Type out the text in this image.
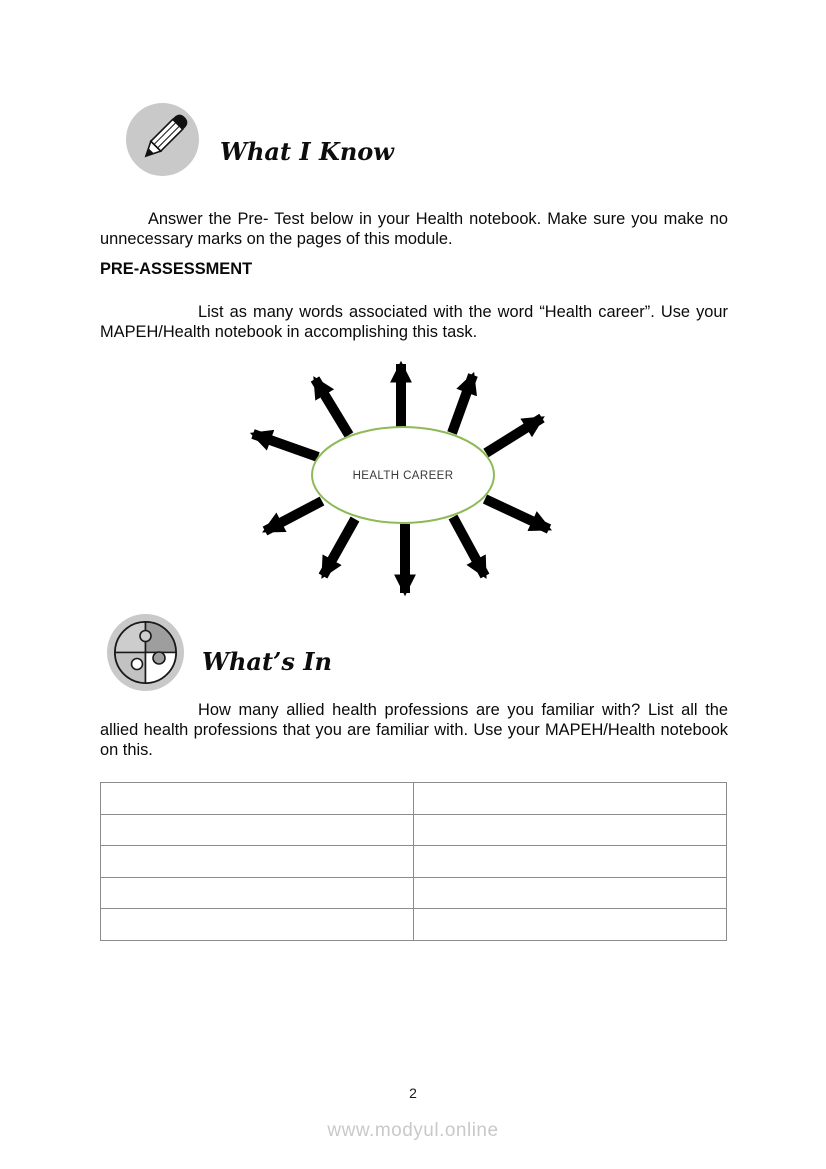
What I Know

Answer the Pre- Test below in your Health notebook. Make sure you make no unnecessary marks on the pages of this module.

PRE-ASSESSMENT

List as many words associated with the word “Health career”. Use your MAPEH/Health notebook in accomplishing this task.

HEALTH CAREER
What’s In

How many allied health professions are you familiar with? List all the allied health professions that you are familiar with. Use your MAPEH/Health notebook on this.

2
www.modyul.online
